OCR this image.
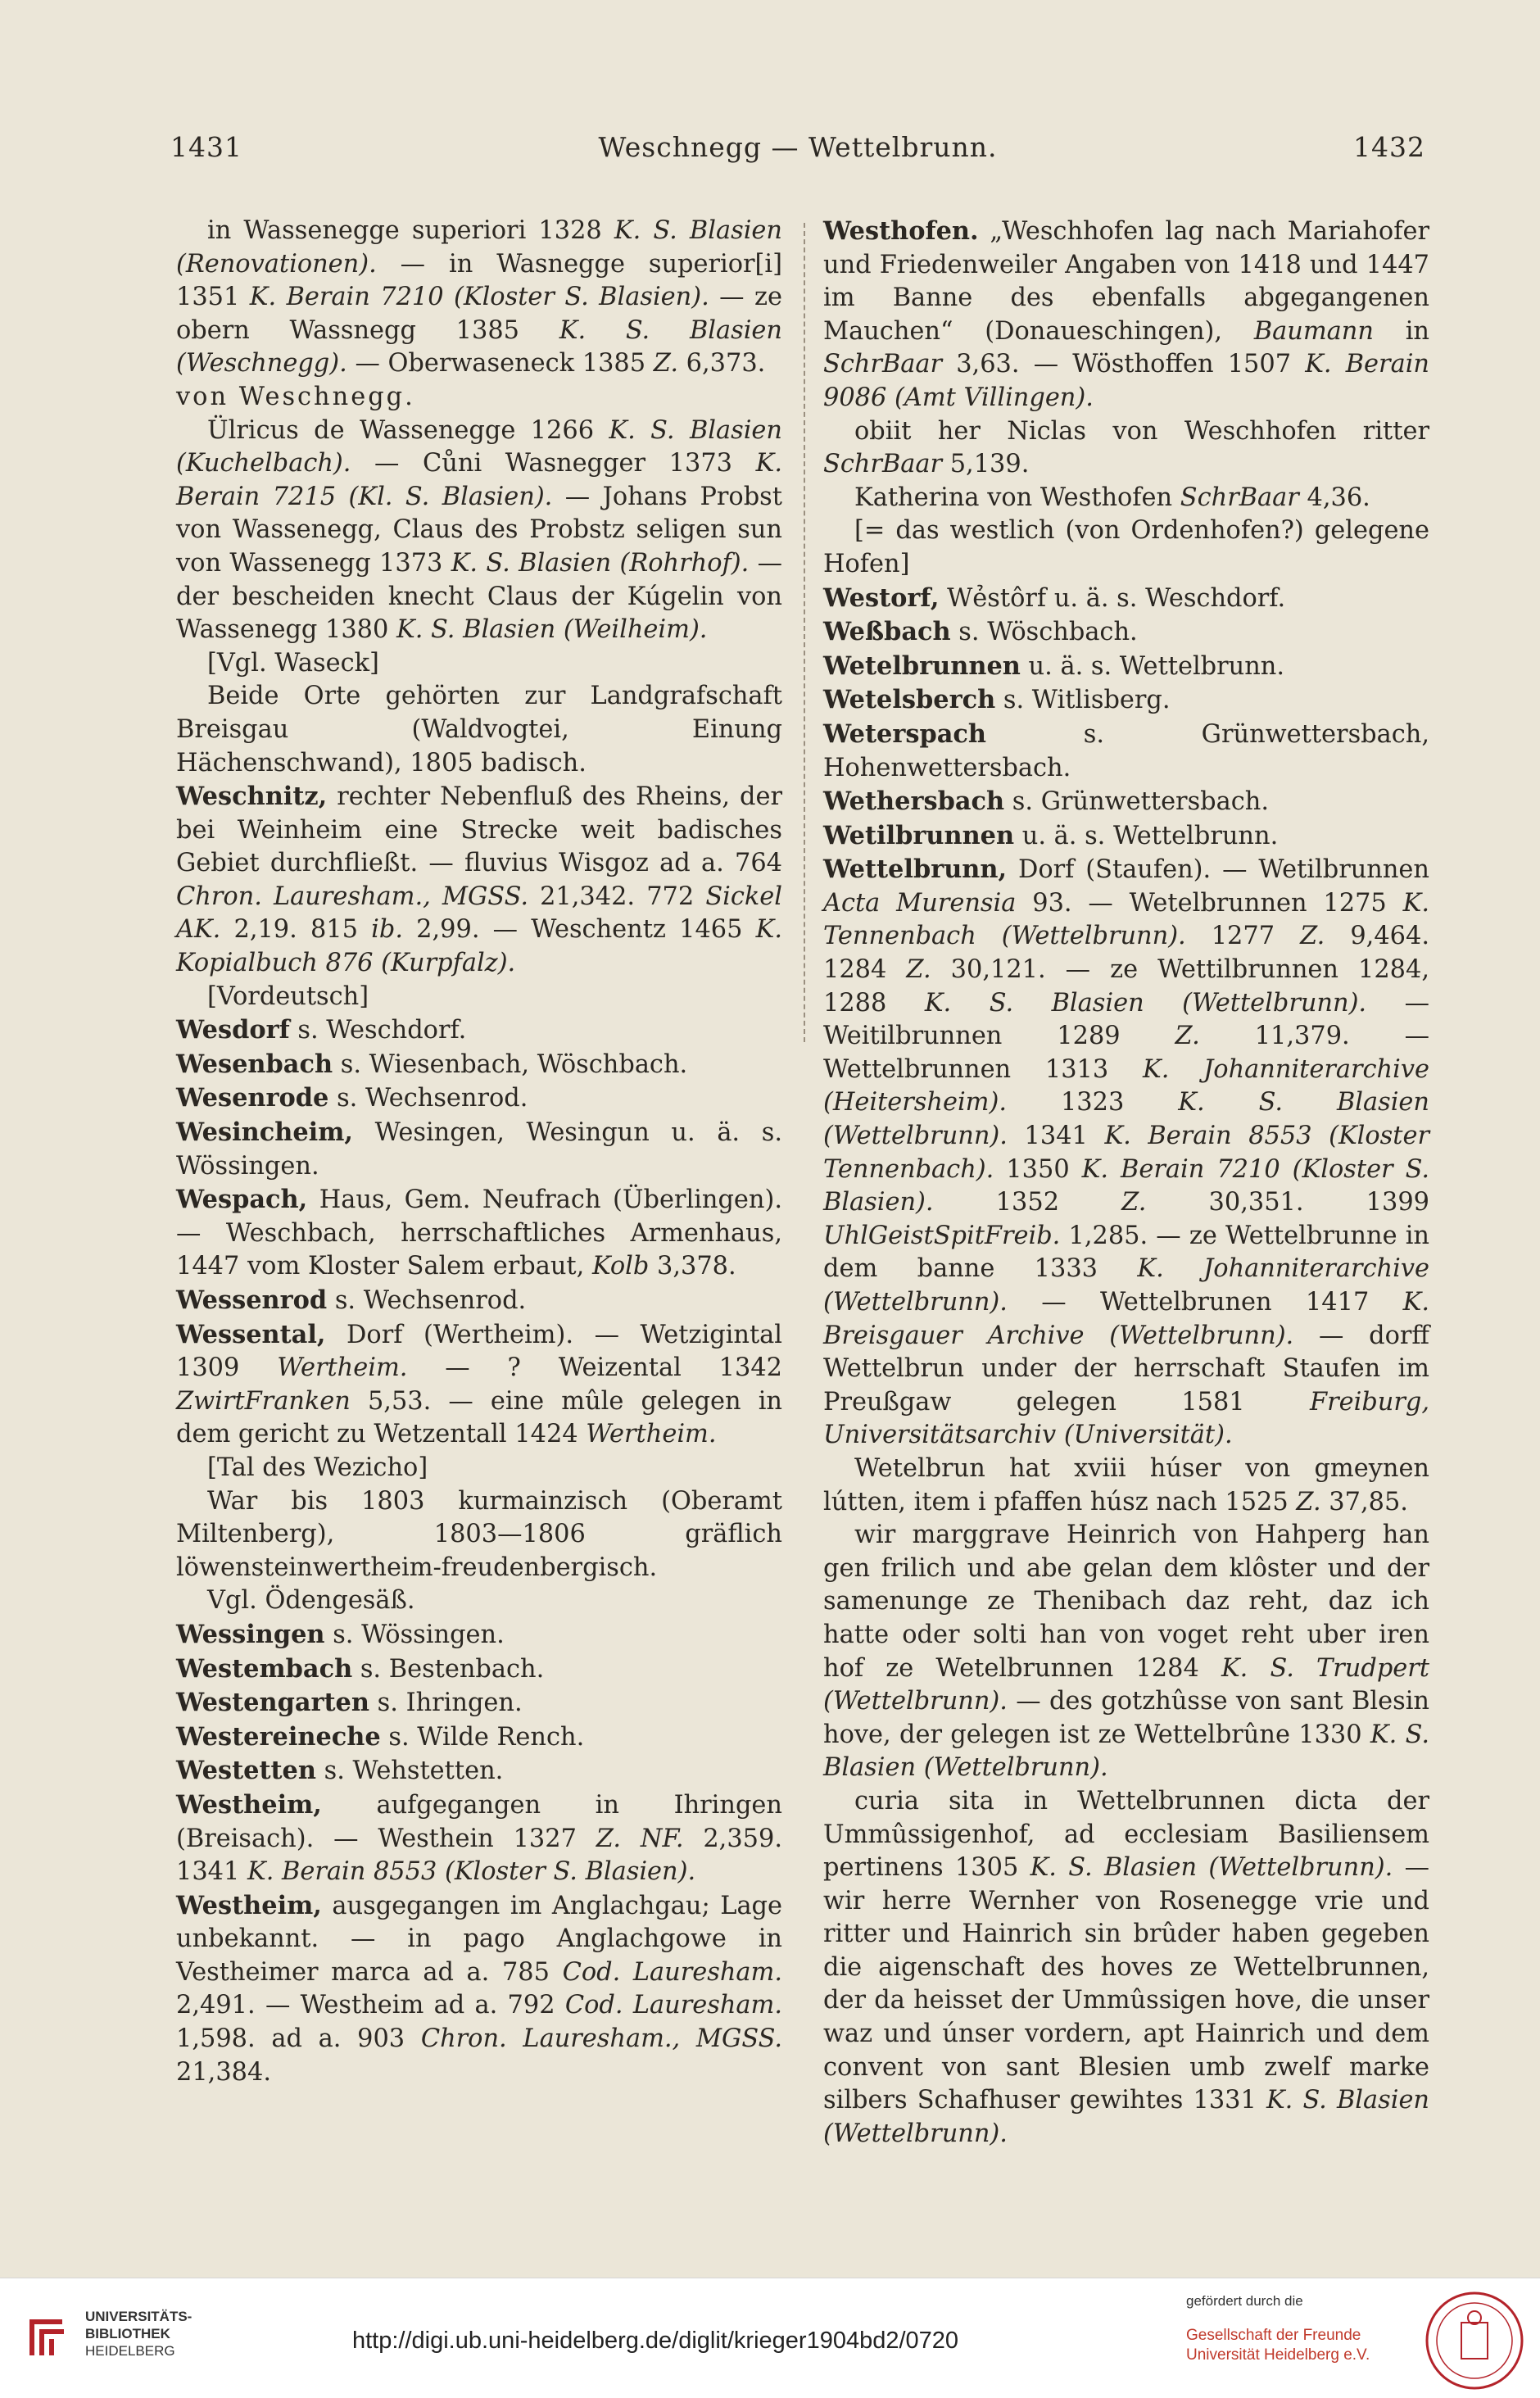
1431	Weschnegg — Wettelbrunn.	1432

in Wassenegge superiori 1328 K. S. Blasien (Renovationen). — in Wasnegge superior[i] 1351 K. Berain 7210 (Kloster S. Blasien). — ze obern Wassnegg 1385 K. S. Blasien (Weschnegg). — Oberwaseneck 1385 Z. 6,373.

von Weschnegg.

Ülricus de Wassenegge 1266 K. S. Blasien (Kuchelbach). — Cůni Wasnegger 1373 K. Berain 7215 (Kl. S. Blasien). — Johans Probst von Wassenegg, Claus des Probstz seligen sun von Wassenegg 1373 K. S. Blasien (Rohrhof). — der bescheiden knecht Claus der Kúgelin von Wassenegg 1380 K. S. Blasien (Weilheim).

[Vgl. Waseck]

Beide Orte gehörten zur Landgrafschaft Breisgau (Waldvogtei, Einung Hächenschwand), 1805 badisch.

Weschnitz, rechter Nebenfluß des Rheins, der bei Weinheim eine Strecke weit badisches Gebiet durchfließt. — fluvius Wisgoz ad a. 764 Chron. Lauresham., MGSS. 21,342. 772 Sickel AK. 2,19. 815 ib. 2,99. — Weschentz 1465 K. Kopialbuch 876 (Kurpfalz).

[Vordeutsch]

Wesdorf s. Weschdorf.

Wesenbach s. Wiesenbach, Wöschbach.

Wesenrode s. Wechsenrod.

Wesincheim, Wesingen, Wesingun u. ä. s. Wössingen.

Wespach, Haus, Gem. Neufrach (Überlingen). — Weschbach, herrschaftliches Armenhaus, 1447 vom Kloster Salem erbaut, Kolb 3,378.

Wessenrod s. Wechsenrod.

Wessental, Dorf (Wertheim). — Wetzigintal 1309 Wertheim. — ? Weizental 1342 ZwirtFranken 5,53. — eine mûle gelegen in dem gericht zu Wetzentall 1424 Wertheim.

[Tal des Wezicho]

War bis 1803 kurmainzisch (Oberamt Miltenberg), 1803—1806 gräflich löwensteinwertheim-freudenbergisch.

Vgl. Ödengesäß.

Wessingen s. Wössingen.

Westembach s. Bestenbach.

Westengarten s. Ihringen.

Westereineche s. Wilde Rench.

Westetten s. Wehstetten.

Westheim, aufgegangen in Ihringen (Breisach). — Westhein 1327 Z. NF. 2,359. 1341 K. Berain 8553 (Kloster S. Blasien).

Westheim, ausgegangen im Anglachgau; Lage unbekannt. — in pago Anglachgowe in Vestheimer marca ad a. 785 Cod. Lauresham. 2,491. — Westheim ad a. 792 Cod. Lauresham. 1,598. ad a. 903 Chron. Lauresham., MGSS. 21,384.

Westhofen. „Weschhofen lag nach Mariahofer und Friedenweiler Angaben von 1418 und 1447 im Banne des ebenfalls abgegangenen Mauchen“ (Donaueschingen), Baumann in SchrBaar 3,63. — Wösthoffen 1507 K. Berain 9086 (Amt Villingen).

obiit her Niclas von Weschhofen ritter SchrBaar 5,139.

Katherina von Westhofen SchrBaar 4,36.

[= das westlich (von Ordenhofen?) gelegene Hofen]

Westorf, Wẻstôrf u. ä. s. Weschdorf.

Weßbach s. Wöschbach.

Wetelbrunnen u. ä. s. Wettelbrunn.

Wetelsberch s. Witlisberg.

Weterspach s. Grünwettersbach, Hohenwettersbach.

Wethersbach s. Grünwettersbach.

Wetilbrunnen u. ä. s. Wettelbrunn.

Wettelbrunn, Dorf (Staufen). — Wetilbrunnen Acta Murensia 93. — Wetelbrunnen 1275 K. Tennenbach (Wettelbrunn). 1277 Z. 9,464. 1284 Z. 30,121. — ze Wettilbrunnen 1284, 1288 K. S. Blasien (Wettelbrunn). — Weitilbrunnen 1289 Z. 11,379. — Wettelbrunnen 1313 K. Johanniterarchive (Heitersheim). 1323 K. S. Blasien (Wettelbrunn). 1341 K. Berain 8553 (Kloster Tennenbach). 1350 K. Berain 7210 (Kloster S. Blasien). 1352 Z. 30,351. 1399 UhlGeistSpitFreib. 1,285. — ze Wettelbrunne in dem banne 1333 K. Johanniterarchive (Wettelbrunn). — Wettelbrunen 1417 K. Breisgauer Archive (Wettelbrunn). — dorff Wettelbrun under der herrschaft Staufen im Preußgaw gelegen 1581 Freiburg, Universitätsarchiv (Universität).

Wetelbrun hat xviii húser von gmeynen lútten, item i pfaffen húsz nach 1525 Z. 37,85.

wir marggrave Heinrich von Hahperg han gen frilich und abe gelan dem klôster und der samenunge ze Thenibach daz reht, daz ich hatte oder solti han von voget reht uber iren hof ze Wetelbrunnen 1284 K. S. Trudpert (Wettelbrunn). — des gotzhûsse von sant Blesin hove, der gelegen ist ze Wettelbrûne 1330 K. S. Blasien (Wettelbrunn).

curia sita in Wettelbrunnen dicta der Ummûssigenhof, ad ecclesiam Basiliensem pertinens 1305 K. S. Blasien (Wettelbrunn). — wir herre Wernher von Rosenegge vrie und ritter und Hainrich sin brûder haben gegeben die aigenschaft des hoves ze Wettelbrunnen, der da heisset der Ummûssigen hove, die unser waz und únser vordern, apt Hainrich und dem convent von sant Blesien umb zwelf marke silbers Schafhuser gewihtes 1331 K. S. Blasien (Wettelbrunn).

UNIVERSITÄTS-
BIBLIOTHEK
HEIDELBERG	http://digi.ub.uni-heidelberg.de/diglit/krieger1904bd2/0720
gefördert durch die
Gesellschaft der Freunde
Universität Heidelberg e.V.
